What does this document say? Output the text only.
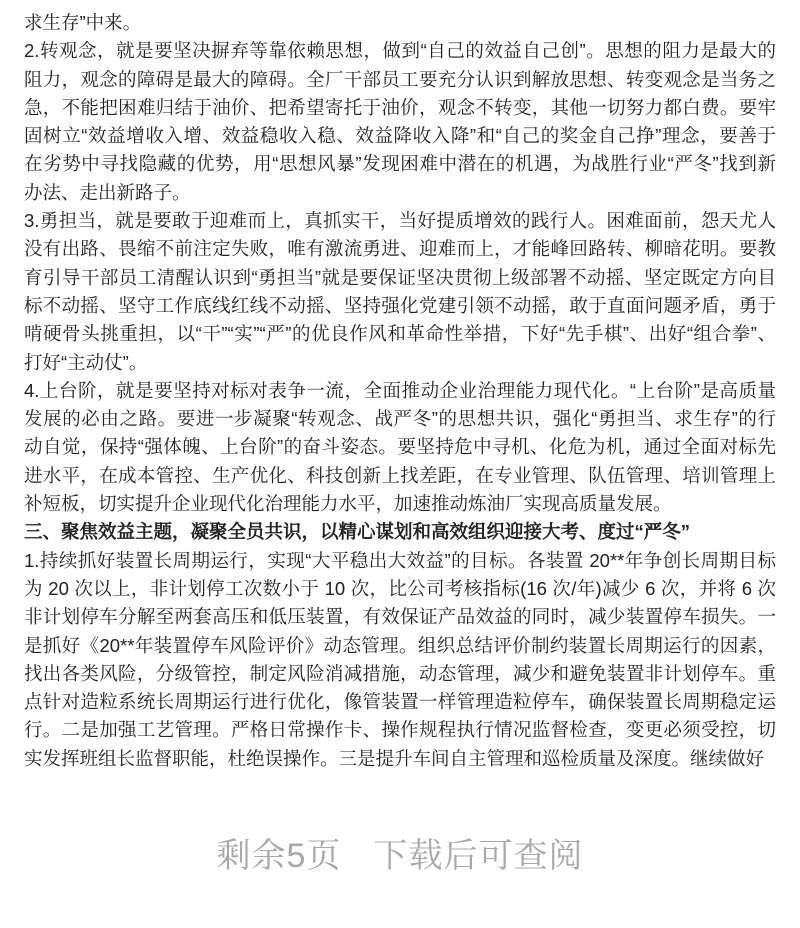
求生存”中来。
2.转观念，就是要坚决摒弃等靠依赖思想，做到“自己的效益自己创”。思想的阻力是最大的
阻力，观念的障碍是最大的障碍。全厂干部员工要充分认识到解放思想、转变观念是当务之
急，不能把困难归结于油价、把希望寄托于油价，观念不转变，其他一切努力都白费。要牢
固树立“效益增收入增、效益稳收入稳、效益降收入降”和“自己的奖金自己挣”理念，要善于
在劣势中寻找隐藏的优势，用“思想风暴”发现困难中潜在的机遇，为战胜行业“严冬”找到新
办法、走出新路子。
3.勇担当，就是要敢于迎难而上，真抓实干，当好提质增效的践行人。困难面前，怨天尤人
没有出路、畏缩不前注定失败，唯有激流勇进、迎难而上，才能峰回路转、柳暗花明。要教
育引导干部员工清醒认识到“勇担当”就是要保证坚决贯彻上级部署不动摇、坚定既定方向目
标不动摇、坚守工作底线红线不动摇、坚持强化党建引领不动摇，敢于直面问题矛盾，勇于
啃硬骨头挑重担，以“干”“实”“严”的优良作风和革命性举措，下好“先手棋”、出好“组合拳”、
打好“主动仗”。
4.上台阶，就是要坚持对标对表争一流，全面推动企业治理能力现代化。“上台阶”是高质量
发展的必由之路。要进一步凝聚“转观念、战严冬”的思想共识，强化“勇担当、求生存”的行
动自觉，保持“强体魄、上台阶”的奋斗姿态。要坚持危中寻机、化危为机，通过全面对标先
进水平，在成本管控、生产优化、科技创新上找差距，在专业管理、队伍管理、培训管理上
补短板，切实提升企业现代化治理能力水平，加速推动炼油厂实现高质量发展。
三、聚焦效益主题，凝聚全员共识，以精心谋划和高效组织迎接大考、度过“严冬”
1.持续抓好装置长周期运行，实现“大平稳出大效益”的目标。各装置 20**年争创长周期目标
为 20 次以上，非计划停工次数小于 10 次，比公司考核指标(16 次/年)减少 6 次，并将 6 次
非计划停车分解至两套高压和低压装置，有效保证产品效益的同时，减少装置停车损失。一
是抓好《20**年装置停车风险评价》动态管理。组织总结评价制约装置长周期运行的因素，
找出各类风险，分级管控，制定风险消减措施，动态管理，减少和避免装置非计划停车。重
点针对造粒系统长周期运行进行优化，像管装置一样管理造粒停车，确保装置长周期稳定运
行。二是加强工艺管理。严格日常操作卡、操作规程执行情况监督检查，变更必须受控，切
实发挥班组长监督职能，杜绝误操作。三是提升车间自主管理和巡检质量及深度。继续做好
剩余5页 下载后可查阅
